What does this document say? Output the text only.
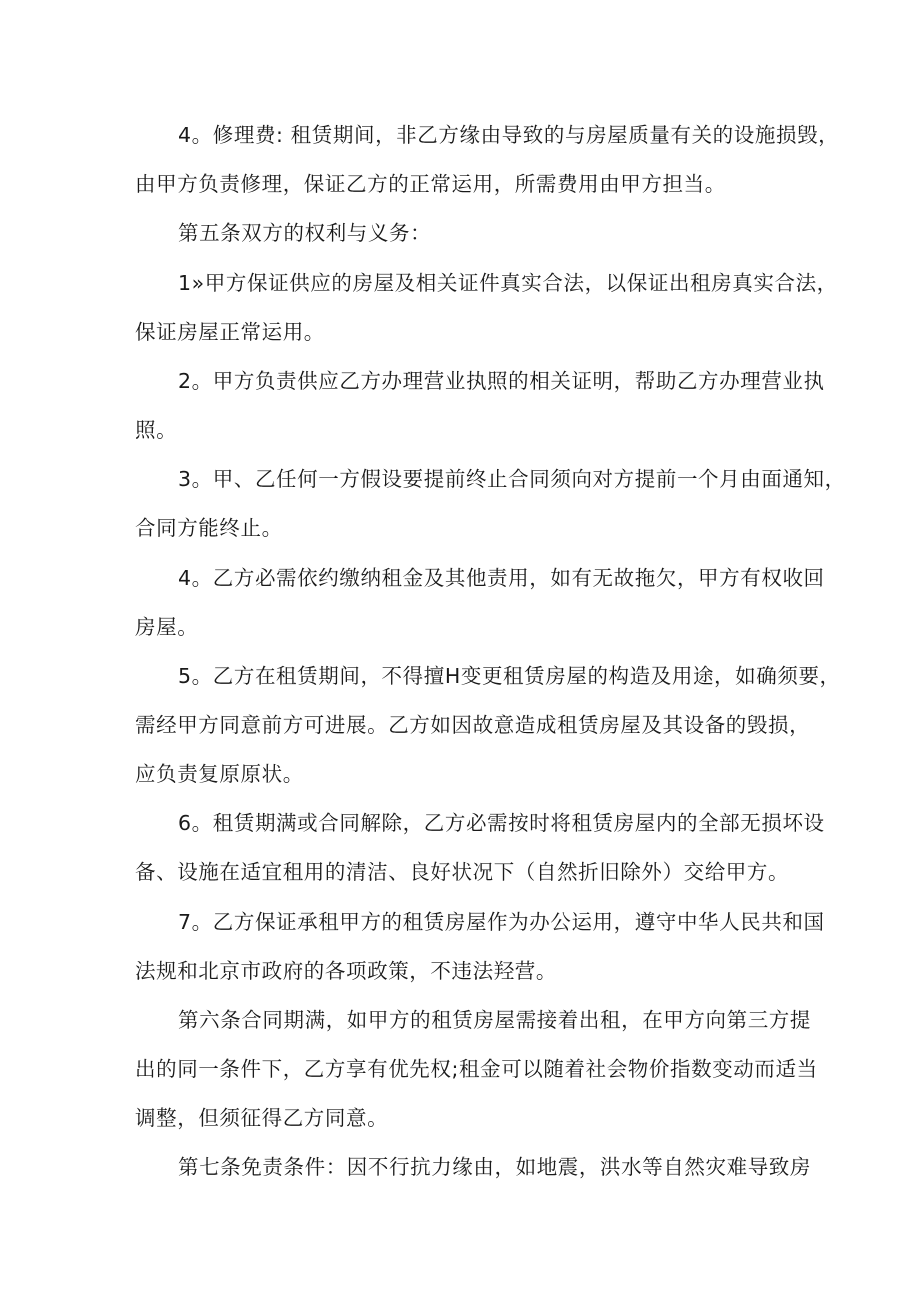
4。修理费: 租赁期间，非乙方缘由导致的与房屋质量有关的设施损毁，
由甲方负责修理，保证乙方的正常运用，所需费用由甲方担当。
第五条双方的权利与义务：
1»甲方保证供应的房屋及相关证件真实合法，以保证出租房真实合法，
保证房屋正常运用。
2。甲方负责供应乙方办理营业执照的相关证明，帮助乙方办理营业执
照。
3。甲、乙任何一方假设要提前终止合同须向对方提前一个月由面通知，
合同方能终止。
4。乙方必需依约缴纳租金及其他责用，如有无故拖欠，甲方有权收回
房屋。
5。乙方在租赁期间，不得擅H变更租赁房屋的构造及用途，如确须要，
需经甲方同意前方可进展。乙方如因故意造成租赁房屋及其设备的毁损，
应负责复原原状。
6。租赁期满或合同解除，乙方必需按时将租赁房屋内的全部无损坏设
备、设施在适宜租用的清洁、良好状况下（自然折旧除外）交给甲方。
7。乙方保证承租甲方的租赁房屋作为办公运用，遵守中华人民共和国
法规和北京市政府的各项政策，不违法羟营。
第六条合同期满，如甲方的租赁房屋需接着出租，在甲方向第三方提
出的同一条件下，乙方享有优先权;租金可以随着社会物价指数变动而适当
调整，但须征得乙方同意。
第七条免责条件：因不行抗力缘由，如地震，洪水等自然灾难导致房
